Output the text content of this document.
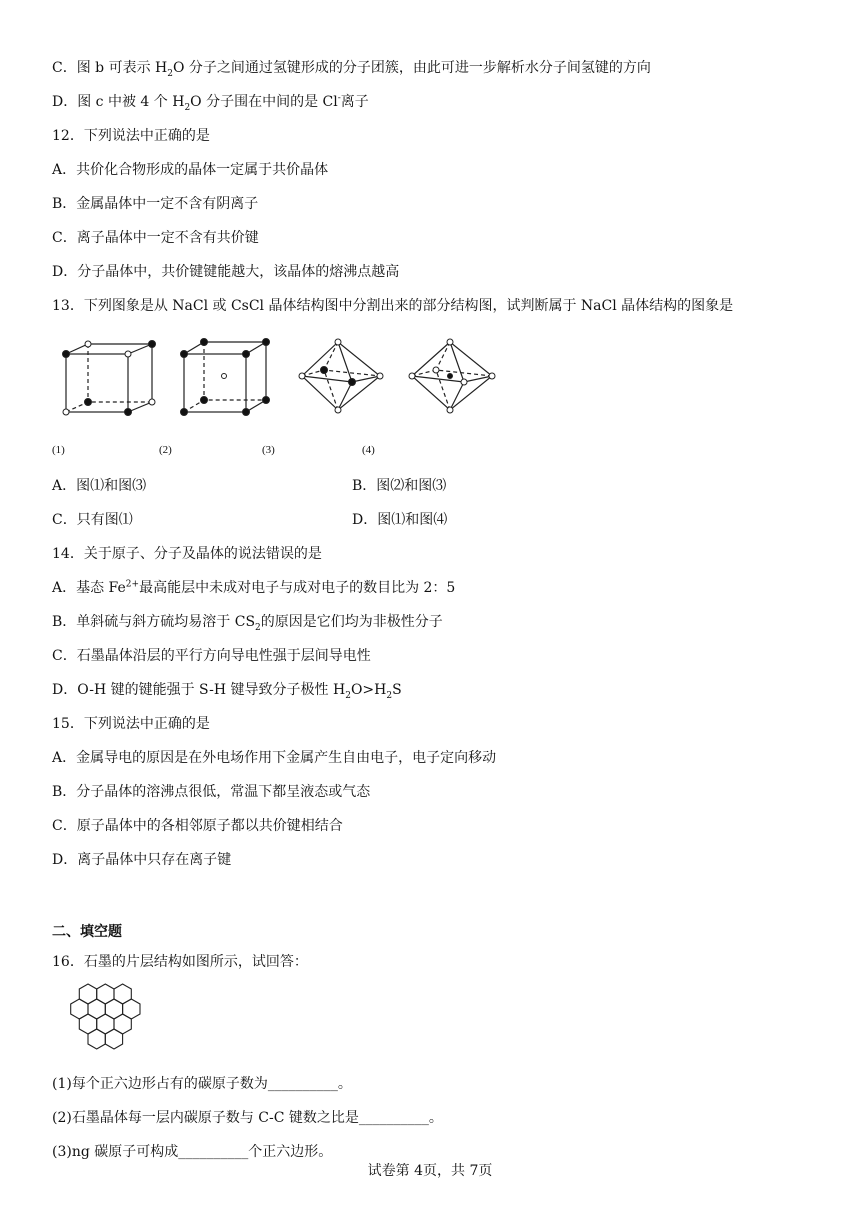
C．图 b 可表示 $H_2O$ 分子之间通过氢键形成的分子团簇，由此可进一步解析水分子间氢键的方向
D．图 c 中被 4 个 $H_2O$ 分子围在中间的是 Cl-离子
12．下列说法中正确的是
A．共价化合物形成的晶体一定属于共价晶体
B．金属晶体中一定不含有阴离子
C．离子晶体中一定不含有共价键
D．分子晶体中，共价键键能越大，该晶体的熔沸点越高
13．下列图象是从 NaCl 或 CsCl 晶体结构图中分割出来的部分结构图，试判断属于 NaCl 晶体结构的图象是
(1)	(2)	(3)	(4)
A．图⑴和图⑶	B．图⑵和图⑶
C．只有图⑴	D．图⑴和图⑷
14．关于原子、分子及晶体的说法错误的是
A．基态 $Fe^{2+}$最高能层中未成对电子与成对电子的数目比为 2：5
B．单斜硫与斜方硫均易溶于 $CS_2$的原因是它们均为非极性分子
C．石墨晶体沿层的平行方向导电性强于层间导电性
D．O-H 键的键能强于 S-H 键导致分子极性 $H_2O>H_2S$
15．下列说法中正确的是
A．金属导电的原因是在外电场作用下金属产生自由电子，电子定向移动
B．分子晶体的溶沸点很低，常温下都呈液态或气态
C．原子晶体中的各相邻原子都以共价键相结合
D．离子晶体中只存在离子键
二、填空题
16．石墨的片层结构如图所示，试回答：
(1)每个正六边形占有的碳原子数为__________。
(2)石墨晶体每一层内碳原子数与 C-C 键数之比是__________。
(3)ng 碳原子可构成__________个正六边形。
试卷第 4页，共 7页
